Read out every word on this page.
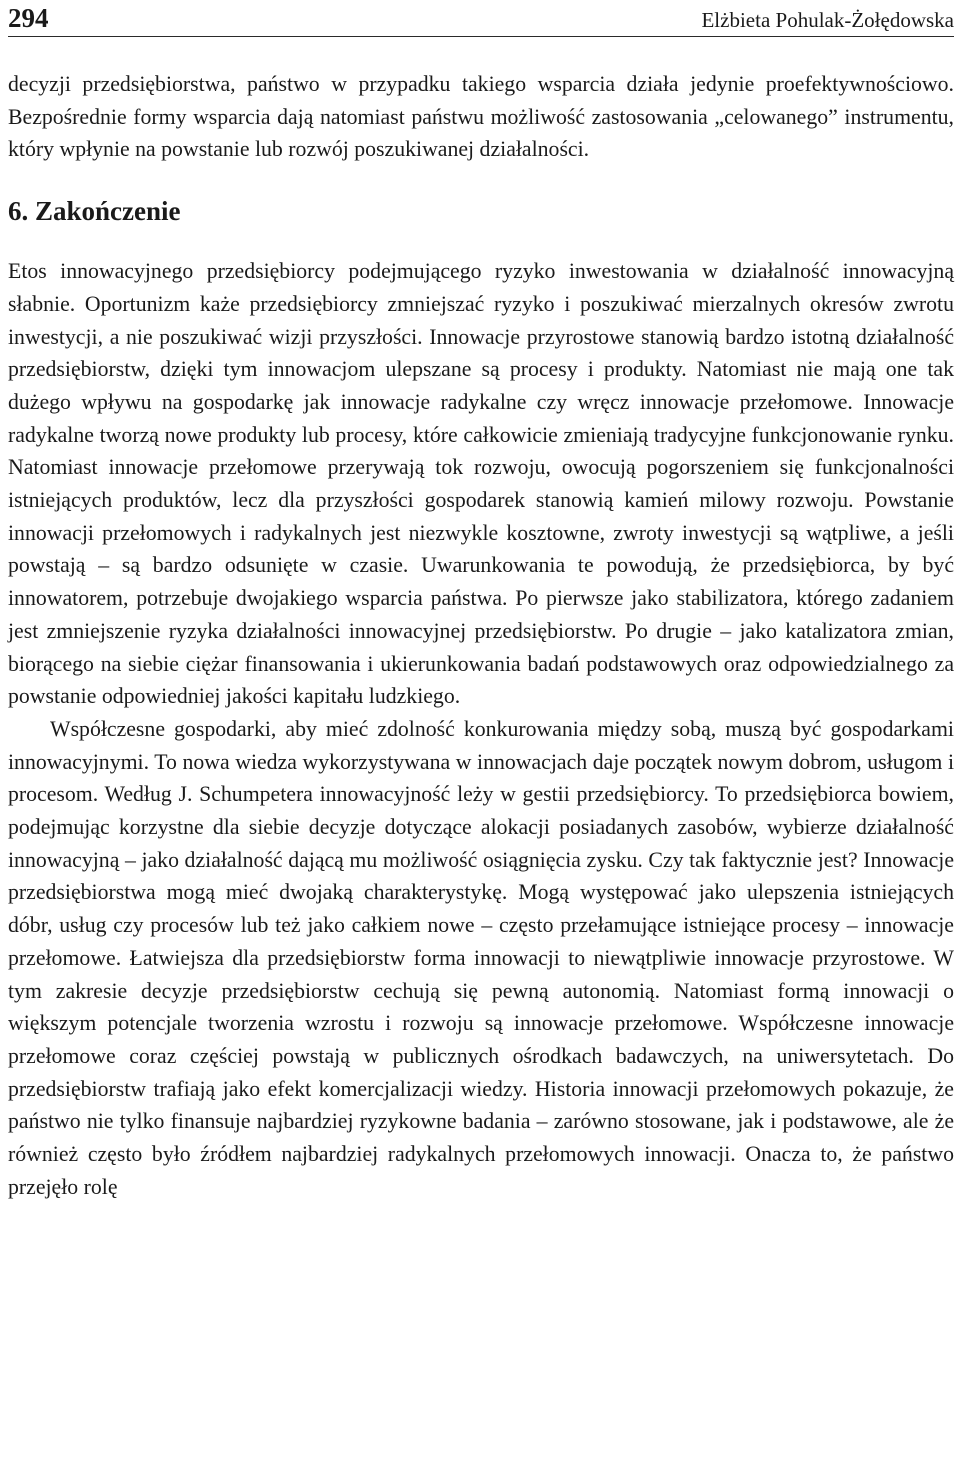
294	Elżbieta Pohulak-Żołędowska

decyzji przedsiębiorstwa, państwo w przypadku takiego wsparcia działa jedynie proefektywnościowo. Bezpośrednie formy wsparcia dają natomiast państwu możliwość zastosowania „celowanego” instrumentu, który wpłynie na powstanie lub rozwój poszukiwanej działalności.

6. Zakończenie

Etos innowacyjnego przedsiębiorcy podejmującego ryzyko inwestowania w działalność innowacyjną słabnie. Oportunizm każe przedsiębiorcy zmniejszać ryzyko i poszukiwać mierzalnych okresów zwrotu inwestycji, a nie poszukiwać wizji przyszłości. Innowacje przyrostowe stanowią bardzo istotną działalność przedsiębiorstw, dzięki tym innowacjom ulepszane są procesy i produkty. Natomiast nie mają one tak dużego wpływu na gospodarkę jak innowacje radykalne czy wręcz innowacje przełomowe. Innowacje radykalne tworzą nowe produkty lub procesy, które całkowicie zmieniają tradycyjne funkcjonowanie rynku. Natomiast innowacje przełomowe przerywają tok rozwoju, owocują pogorszeniem się funkcjonalności istniejących produktów, lecz dla przyszłości gospodarek stanowią kamień milowy rozwoju. Powstanie innowacji przełomowych i radykalnych jest niezwykle kosztowne, zwroty inwestycji są wątpliwe, a jeśli powstają – są bardzo odsunięte w czasie. Uwarunkowania te powodują, że przedsiębiorca, by być innowatorem, potrzebuje dwojakiego wsparcia państwa. Po pierwsze jako stabilizatora, którego zadaniem jest zmniejszenie ryzyka działalności innowacyjnej przedsiębiorstw. Po drugie – jako katalizatora zmian, biorącego na siebie ciężar finansowania i ukierunkowania badań podstawowych oraz odpowiedzialnego za powstanie odpowiedniej jakości kapitału ludzkiego.

Współczesne gospodarki, aby mieć zdolność konkurowania między sobą, muszą być gospodarkami innowacyjnymi. To nowa wiedza wykorzystywana w innowacjach daje początek nowym dobrom, usługom i procesom. Według J. Schumpetera innowacyjność leży w gestii przedsiębiorcy. To przedsiębiorca bowiem, podejmując korzystne dla siebie decyzje dotyczące alokacji posiadanych zasobów, wybierze działalność innowacyjną – jako działalność dającą mu możliwość osiągnięcia zysku. Czy tak faktycznie jest? Innowacje przedsiębiorstwa mogą mieć dwojaką charakterystykę. Mogą występować jako ulepszenia istniejących dóbr, usług czy procesów lub też jako całkiem nowe – często przełamujące istniejące procesy – innowacje przełomowe. Łatwiejsza dla przedsiębiorstw forma innowacji to niewątpliwie innowacje przyrostowe. W tym zakresie decyzje przedsiębiorstw cechują się pewną autonomią. Natomiast formą innowacji o większym potencjale tworzenia wzrostu i rozwoju są innowacje przełomowe. Współczesne innowacje przełomowe coraz częściej powstają w publicznych ośrodkach badawczych, na uniwersytetach. Do przedsiębiorstw trafiają jako efekt komercjalizacji wiedzy. Historia innowacji przełomowych pokazuje, że państwo nie tylko finansuje najbardziej ryzykowne badania – zarówno stosowane, jak i podstawowe, ale że również często było źródłem najbardziej radykalnych przełomowych innowacji. Onacza to, że państwo przejęło rolę
